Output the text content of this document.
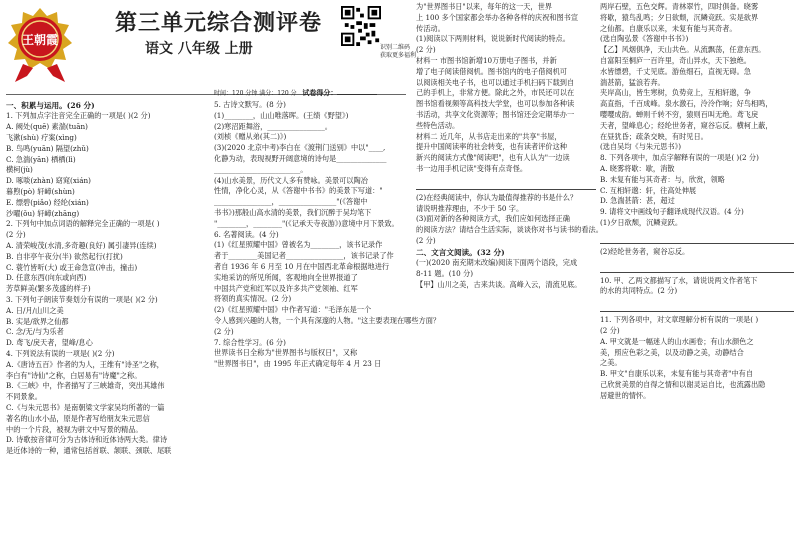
王朝霞
第三单元综合测评卷
语文 八年级 上册	识别二维码
获取更多福利
时间：120 分钟 满分：120 分 试卷得分：
一、积累与运用。(26 分)
1. 下列加点字注音完全正确的一项是( )(2 分)
A. 阙处(quē) 素湍(tuān)
飞漱(shù) 疗案(xìng)
B. 鸟鸣(yuān) 隔望(zhǔ)
C. 急湍(yān) 栖栖(lì)
横柯(jù)
D. 啄啖(zhàn) 窈窕(xián)
暮煦(pò) 轩嶂(shùn)
E. 缥碧(piǎo) 经纶(xián)
沙曜(ǒu) 轩嶂(zhāng)
2. 下列句中加点词语的解释完全正确的一项是( )
(2 分)
A. 清荣峻茂(水清,多奇趣(良好) 属引凄异(连续)
B. 自非亭午夜分(半) 欲然起行(打扰)
C. 蓑竹皆听(大) 或王命急宣(冲击，撞击)
D. 任意东西(向东或向西)
芳草鲜美(繁多茂盛的样子)
3. 下列句子朗读节奏划分有误的一项是( )(2 分)
A. 日/月/山川之美
B. 实是/欲界之仙都
C. 念/无/与为乐者
D. 鸢飞/戾天者，望峰/息心
4. 下列说法有误的一项是( )(2 分)
A.《唐诗五百》作者的为人，王维有"诗圣"之称，
李白有"诗仙"之称，白居易有"诗魔"之称。
B.《三峡》中，作者描写了三峡雄奇，突出其雄伟
不同景象。
C.《与朱元思书》是南朝梁文学家吴均所著的一篇
著名的山水小品，原是作者写给朋友朱元思信
中的一个片段，被视为骈文中写景的精品。
D. 诗歌按音律可分为古体诗和近体诗两大类。律诗
是近体诗的一种，通常包括首联、颔联、颈联、尾联
5. 古诗文默写。(8 分)
(1)________，山山唯落晖。(王绩《野望》)
(2)寒沼距舞浴，________________。
(刘桢《赠从弟(其二)》)
(3)(2020 北京中考)李白在《渡荆门送别》中以"____,
化静为动，表现视野开阔意境的诗句是______________
________________________。
(4)山水美景，历代文人多有赞咏。美景可以陶冶
性情，净化心灵，从《答谢中书书》的美景下写道："
________________，________________"(《答谢中
书书》)那般山高水清的美景，我们沉醉于吴均笔下
"________，________"(《记承天寺夜游》)意境中月下景致。
6. 名著阅读。(4 分)
(1)《红星照耀中国》曾被名为________，该书记录作
者于________美国记者________________，该书记录了作
者自 1936 年 6 月至 10 月在中国西北革命根据地进行
实地采访的所见所闻，客观地向全世界报道了
中国共产党和红军以及许多共产党领袖、红军
将领的真实情况。(2 分)
(2)《红星照耀中国》中作者写道："毛泽东是一个
令人感到兴趣的人物，一个具有深邃的人物。"这主要表现在哪些方面？
(2 分)
7. 综合性学习。(6 分)
世界读书日全称为"世界图书与版权日"，又称
"世界图书日"，由 1995 年正式确定每年 4 月 23 日
为"世界图书日"以来，每年的这一天，世界
上 100 多个国家都会举办各种各样的庆祝和图书宣
传活动。
(1)阅读以下两则材料，说说新时代阅读的特点。
(2 分)
材料一 市图书馆新增10万册电子图书，并新
增了电子阅读借阅机。图书馆内的电子借阅机可
以阅读相关电子书，也可以通过手机扫码下载到自
己的手机上，非常方便。除此之外，市民还可以在
图书馆看视频等高科技大学堂，也可以参加各种读
书活动，共享文化资源等；图书馆还会定期举办一
些特色活动。
材料二 近几年，从书店走出来的"共享"书屋，
提升中国阅读率的社会转变，也有读者评价这种
新兴的阅读方式像"阅读吧"，也有人认为"一边读
书一边用手机记读"变得有点奇怪。
(2)在经典阅读中，你认为最值得推荐的书是什么？
请说明推荐理由，不少于 50 字。
(3)面对新的各种阅读方式，我们应如何选择正确
的阅读方法？请结合生活实际，谈谈你对书与读书的看法。
(2 分)
二、文言文阅读。(32 分)
(一)(2020 南充期末改编)阅读下面两个语段，完成
8-11 题。(10 分)
【甲】山川之美，古来共谈。高峰入云，清流见底。
两岸石壁，五色交辉。青林翠竹，四时俱备。晓雾
将歇，猿鸟乱鸣；夕日欲颓，沉鳞竞跃。实是欲界
之仙都。自康乐以来，未复有能与其奇者。
(选自陶弘景《答谢中书书》)
【乙】风烟俱净，天山共色。从流飘荡，任意东西。
自富阳至桐庐一百许里，奇山异水，天下独绝。
水皆缥碧，千丈见底。游鱼细石，直视无碍。急
湍甚箭，猛浪若奔。
夹岸高山，皆生寒树，负势竞上，互相轩邈，争
高直指，千百成峰。泉水激石，泠泠作响；好鸟相鸣，
嘤嘤成韵。蝉则千转不穷，猿则百叫无绝。鸢飞戾
天者，望峰息心；经纶世务者，窥谷忘反。横柯上蔽，
在昼犹昏；疏条交映，有时见日。
(选自吴均《与朱元思书》)
8. 下列各项中，加点字解释有误的一项是( )(2 分)
A. 晓雾将歇：歇，消散
B. 未复有能与其奇者：与，欣赏，领略
C. 互相轩邈：轩，往高处伸展
D. 急湍甚箭：甚，超过
9. 请将文中画线句子翻译成现代汉语。(4 分)
(1)夕日欲颓，沉鳞竞跃。
(2)经纶世务者，窥谷忘反。
10. 甲、乙两文都描写了水，请说说两文作者笔下
的水的共同特点。(2 分)
11. 下列各项中，对文章理解分析有误的一项是( )
(2 分)
A. 甲文就是一幅迷人的山水画卷；有山水颜色之
美，照应色彩之美，以及动静之美，动静结合
之美。
B. 甲文"自康乐以来，未复有能与其奇者"中有自
己欣赏美景的自得之情和以谢灵运自比，也流露出隐
居避世的情怀。
